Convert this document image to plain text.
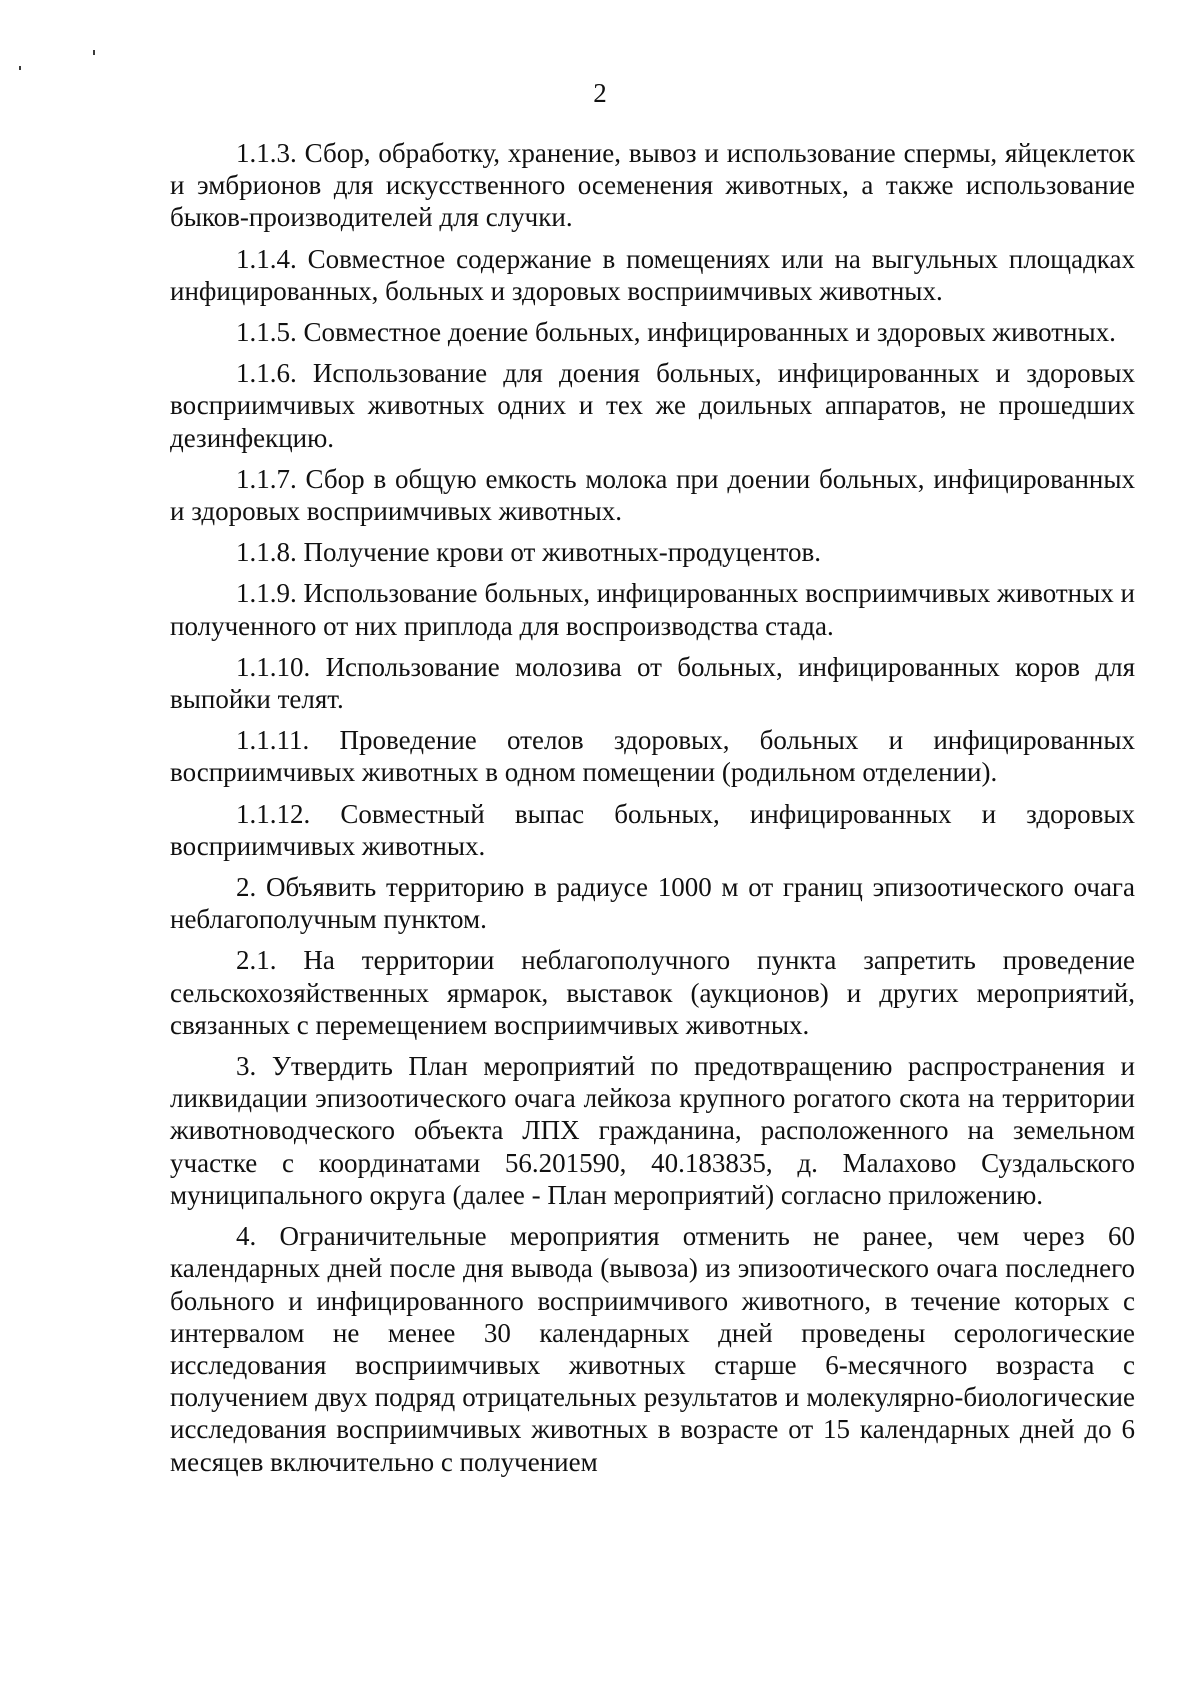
2

1.1.3. Сбор, обработку, хранение, вывоз и использование спермы, яйцеклеток и эмбрионов для искусственного осеменения животных, а также использование быков-производителей для случки.

1.1.4. Совместное содержание в помещениях или на выгульных площадках инфицированных, больных и здоровых восприимчивых животных.

1.1.5. Совместное доение больных, инфицированных и здоровых животных.

1.1.6. Использование для доения больных, инфицированных и здоровых восприимчивых животных одних и тех же доильных аппаратов, не прошедших дезинфекцию.

1.1.7. Сбор в общую емкость молока при доении больных, инфицированных и здоровых восприимчивых животных.

1.1.8. Получение крови от животных-продуцентов.

1.1.9. Использование больных, инфицированных восприимчивых животных и полученного от них приплода для воспроизводства стада.

1.1.10. Использование молозива от больных, инфицированных коров для выпойки телят.

1.1.11. Проведение отелов здоровых, больных и инфицированных восприимчивых животных в одном помещении (родильном отделении).

1.1.12. Совместный выпас больных, инфицированных и здоровых восприимчивых животных.

2. Объявить территорию в радиусе 1000 м от границ эпизоотического очага неблагополучным пунктом.

2.1. На территории неблагополучного пункта запретить проведение сельскохозяйственных ярмарок, выставок (аукционов) и других мероприятий, связанных с перемещением восприимчивых животных.

3. Утвердить План мероприятий по предотвращению распространения и ликвидации эпизоотического очага лейкоза крупного рогатого скота на территории животноводческого объекта ЛПХ гражданина, расположенного на земельном участке с координатами 56.201590, 40.183835, д. Малахово Суздальского муниципального округа (далее - План мероприятий) согласно приложению.

4. Ограничительные мероприятия отменить не ранее, чем через 60 календарных дней после дня вывода (вывоза) из эпизоотического очага последнего больного и инфицированного восприимчивого животного, в течение которых с интервалом не менее 30 календарных дней проведены серологические исследования восприимчивых животных старше 6-месячного возраста с получением двух подряд отрицательных результатов и молекулярно-биологические исследования восприимчивых животных в возрасте от 15 календарных дней до 6 месяцев включительно с получением
